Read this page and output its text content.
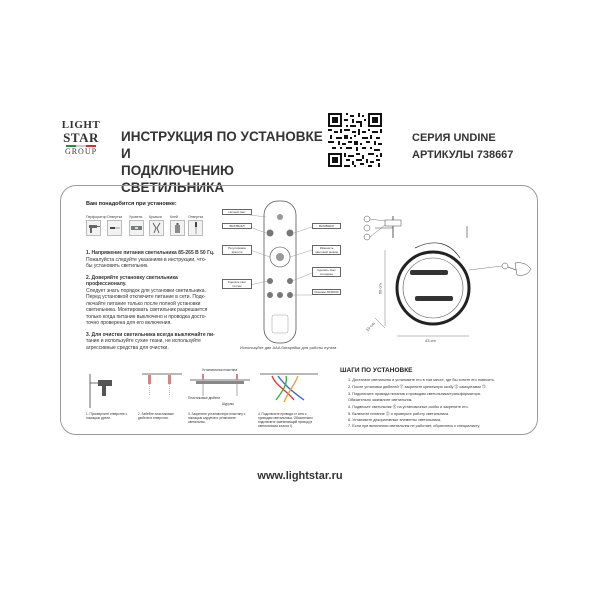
LIGHT
STAR
GROUP
ИНСТРУКЦИЯ ПО УСТАНОВКЕ И
ПОДКЛЮЧЕНИЮ СВЕТИЛЬНИКА
СЕРИЯ UNDINE
АРТИКУЛЫ 738667
Вам понадобится при установке:
Перфоратор Отвертка Уровень Кусачки Клей	Отвертка
1. Напряжение питания светильника 85-265 В 50 Гц.
Пожалуйста следуйте указаниям в инструкции, что-
бы установить светильник.
2. Доверяйте установку светильника профессионалу.
Следует знать порядок для установки светильника.
Перед установкой отключите питание в сети. Подк-
лючайте питание только после полной установки
светильника. Монтировать светильник разрешается
только когда питание выключено и проводка досто-
точно проверена для его включения.
3. Для очистки светильника всегда выключайте пи-
тание и используйте сухие ткани, не используйте
агрессивные средства для очистки.
Ночной свет
ВКЛ/ВЫКЛ
Регулировка яркости
Сделать свет теплее
ВКЛ/ВЫКЛ
Изменить цветовой режим
Сделать свет холоднее
Режимы 30/60/90
Используйте две AAA батарейки для работы пульта
60 cm
43 cm
10 cm
1. Просверлите отверстие с помощью дрели.
2. Забейте пластиковые дюбели в отверстия.
Установочная пластина
Пластиковые дюбели
Шурупы
3. Закрепите установочную пластину с помощью шурупов и установите светильник.
4. Подключите провода от сети к проводам светильника. Обязательно подключите заземляющий провод (в светильниках класса I).
ШАГИ ПО УСТАНОВКЕ
1. Достаньте светильник и установите его в том месте, где Вы хотите его повесить.
2. После установки дюбелей ⓵ закрепите крепежную скобу ⓶ саморезами ⓷.
3. Подключите провода питания к проводам светильника/трансформатора.
Обязательно заземлите светильник.
4. Подвесьте светильник ⓸ на установочные скобы и закрепите его.
5. Включите питание ⓹ и проверьте работу светильника.
6. Установите декоративные элементы светильника.
7. Если при включении светильник не работает, обратитесь к специалисту.
www.lightstar.ru
